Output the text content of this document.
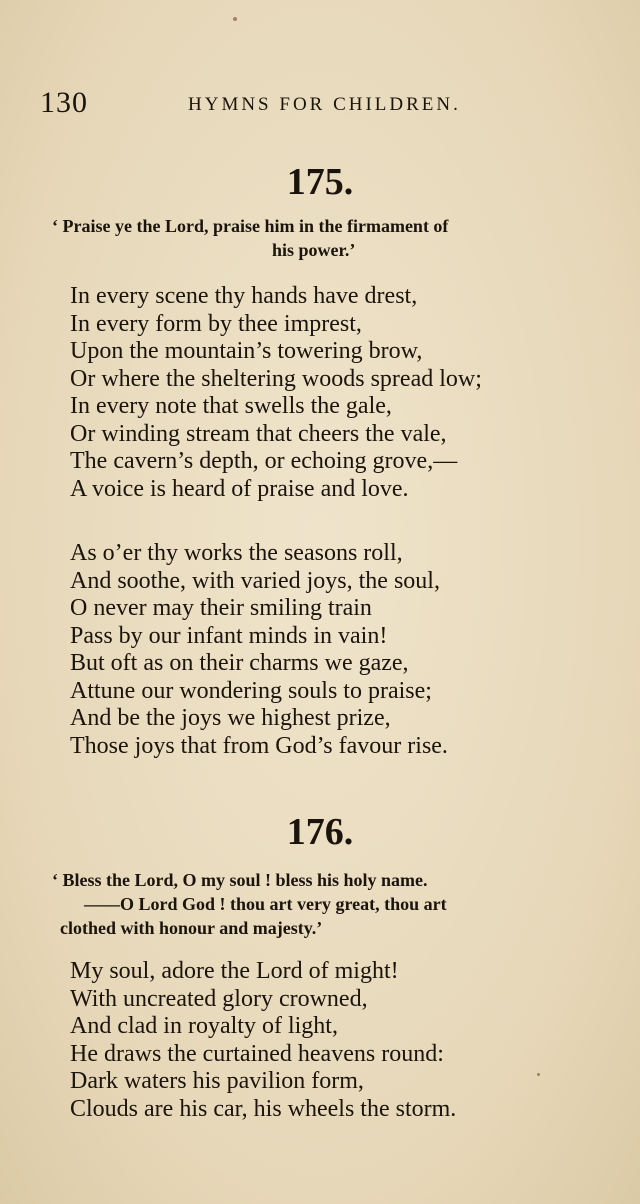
130	HYMNS FOR CHILDREN.
175.
‘ Praise ye the Lord, praise him in the firmament of
his power.’
In every scene thy hands have drest,
In every form by thee imprest,
Upon the mountain’s towering brow,
Or where the sheltering woods spread low;
In every note that swells the gale,
Or winding stream that cheers the vale,
The cavern’s depth, or echoing grove,—
A voice is heard of praise and love.
As o’er thy works the seasons roll,
And soothe, with varied joys, the soul,
O never may their smiling train
Pass by our infant minds in vain!
But oft as on their charms we gaze,
Attune our wondering souls to praise;
And be the joys we highest prize,
Those joys that from God’s favour rise.
176.
‘ Bless the Lord, O my soul ! bless his holy name.
——O Lord God ! thou art very great, thou art
clothed with honour and majesty.’
My soul, adore the Lord of might!
With uncreated glory crowned,
And clad in royalty of light,
He draws the curtained heavens round:
Dark waters his pavilion form,
Clouds are his car, his wheels the storm.
